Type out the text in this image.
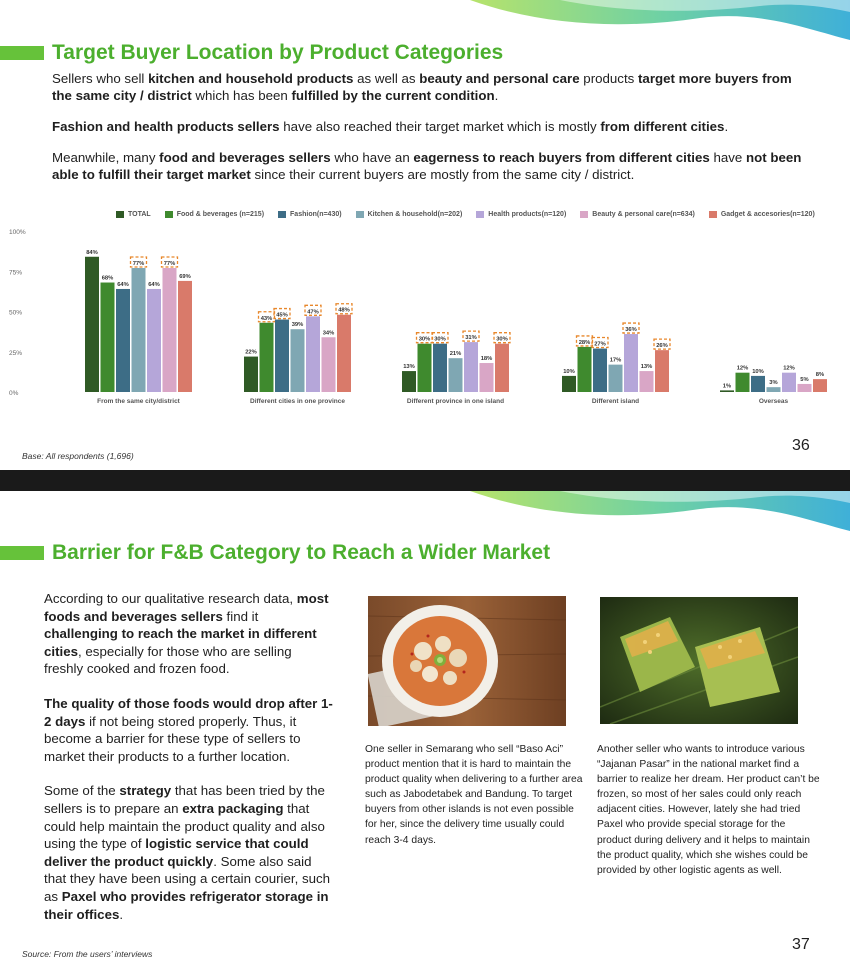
Target Buyer Location by Product Categories

Sellers who sell kitchen and household products as well as beauty and personal care products target more buyers from the same city / district which has been fulfilled by the current condition.

Fashion and health products sellers have also reached their target market which is mostly from different cities.

Meanwhile, many food and beverages sellers who have an eagerness to reach buyers from different cities have not been able to fulfill their target market since their current buyers are mostly from the same city / district.

TOTAL	Food & beverages (n=215)	Fashion(n=430)	Kitchen & household(n=202)	Health products(n=120)	Beauty & personal care(n=634)	Gadget & accesories(n=120)
0%
25%
50%
75%
100%
84%
68%
64%
77%
64%
77%
69%
From the same city/district
22%
43%
45%
39%
47%
34%
48%
Different cities in one province
13%
30% 30%
21%
31%
18%
30%
Different province in one island
10%
28% 27%
17%
36%
13%
26%
Different island
1%
12%
10%
3%
12%
5%
8%
Overseas
Base: All respondents (1,696)
36
Barrier for F&B Category to Reach a Wider Market

According to our qualitative research data, most foods and beverages sellers find it challenging to reach the market in different cities, especially for those who are selling freshly cooked and frozen food.

The quality of those foods would drop after 1-2 days if not being stored properly. Thus, it become a barrier for these type of sellers to market their products to a further location.

Some of the strategy that has been tried by the sellers is to prepare an extra packaging that could help maintain the product quality and also using the type of logistic service that could deliver the product quickly. Some also said that they have been using a certain courier, such as Paxel who provides refrigerator storage in their offices.

One seller in Semarang who sell “Baso Aci” product mention that it is hard to maintain the product quality when delivering to a further area such as Jabodetabek and Bandung. To target buyers from other islands is not even possible for her, since the delivery time usually could reach 3-4 days.

Another seller who wants to introduce various “Jajanan Pasar” in the national market find a barrier to realize her dream. Her product can’t be frozen, so most of her sales could only reach adjacent cities. However, lately she had tried Paxel who provide special storage for the product during delivery and it helps to maintain the product quality, which she wishes could be provided by other logistic agents as well.

Source: From the users’ interviews
37
